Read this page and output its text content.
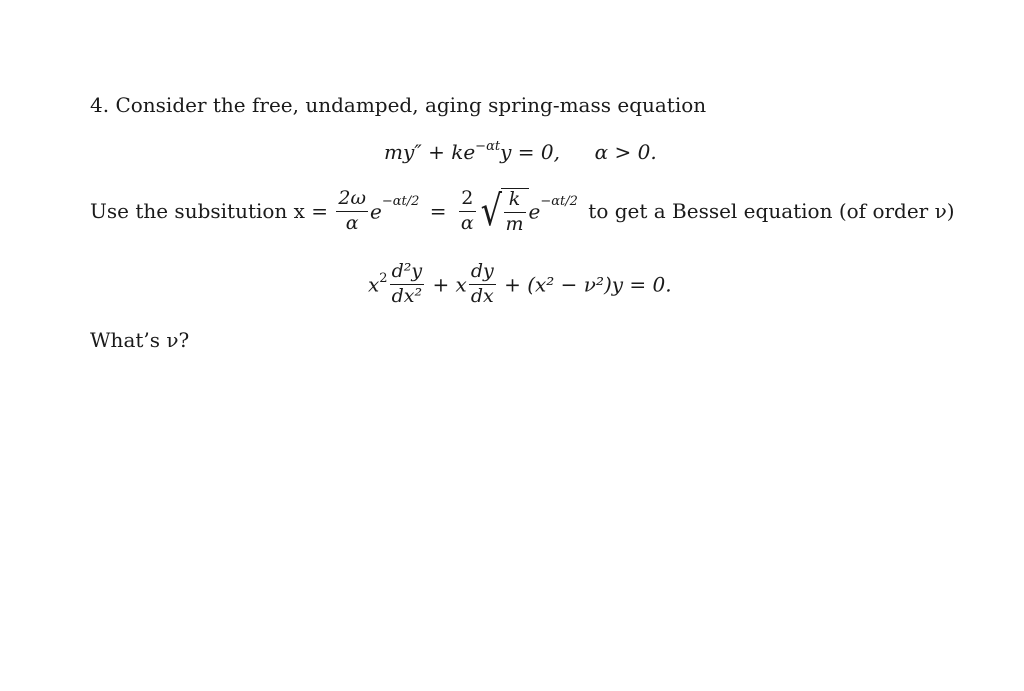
4. Consider the free, undamped, aging spring-mass equation
$my'' + ke^{-\alpha t}y = 0$, α > 0.
Use the subsitution $x = \frac{2\omega}{\alpha} e^{-\alpha t/2} = \frac{2}{\alpha}$ √ $\frac{k}{m} e^{-\alpha t/2}$ to get a Bessel equation (of order ν)
$x^2 \frac{\text{d²y}}{\text{dx²}} + x \frac{dy}{dx} + (x^2 - \nu^2)y = 0$.
What’s ν?
